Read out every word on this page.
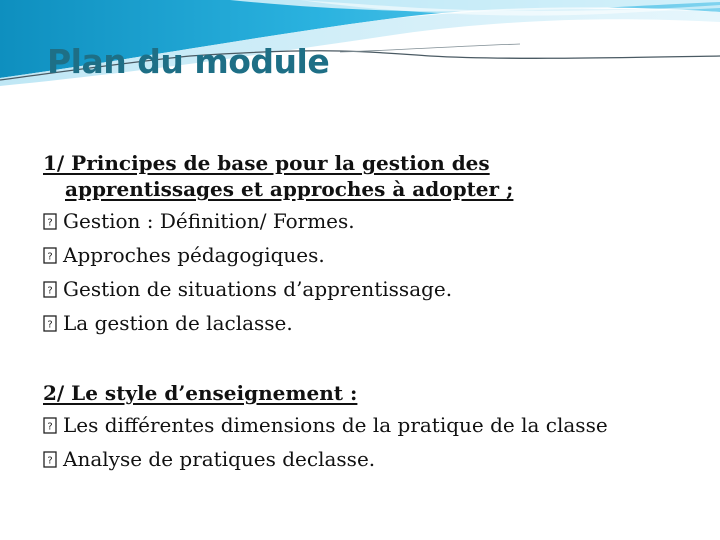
Plan du module
1/ Principes de base pour la gestion des
apprentissages et approches à adopter ;
? Gestion : Définition/ Formes.
? Approches pédagogiques.
? Gestion de situations d’apprentissage.
? La gestion de laclasse.
2/ Le style d’enseignement :
? Les différentes dimensions de la pratique de la classe
? Analyse de pratiques declasse.
